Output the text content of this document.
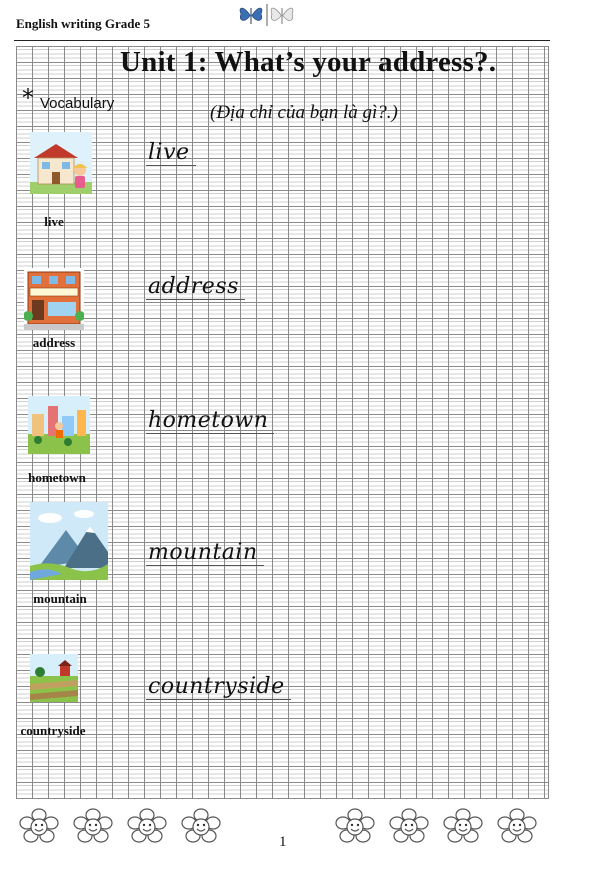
English writing Grade 5
Unit 1: What’s your address?.
* Vocabulary	(Địa chỉ của bạn là gì?.)
live
live
address
address
hometown
hometown
mountain
mountain
countryside
countryside
1
